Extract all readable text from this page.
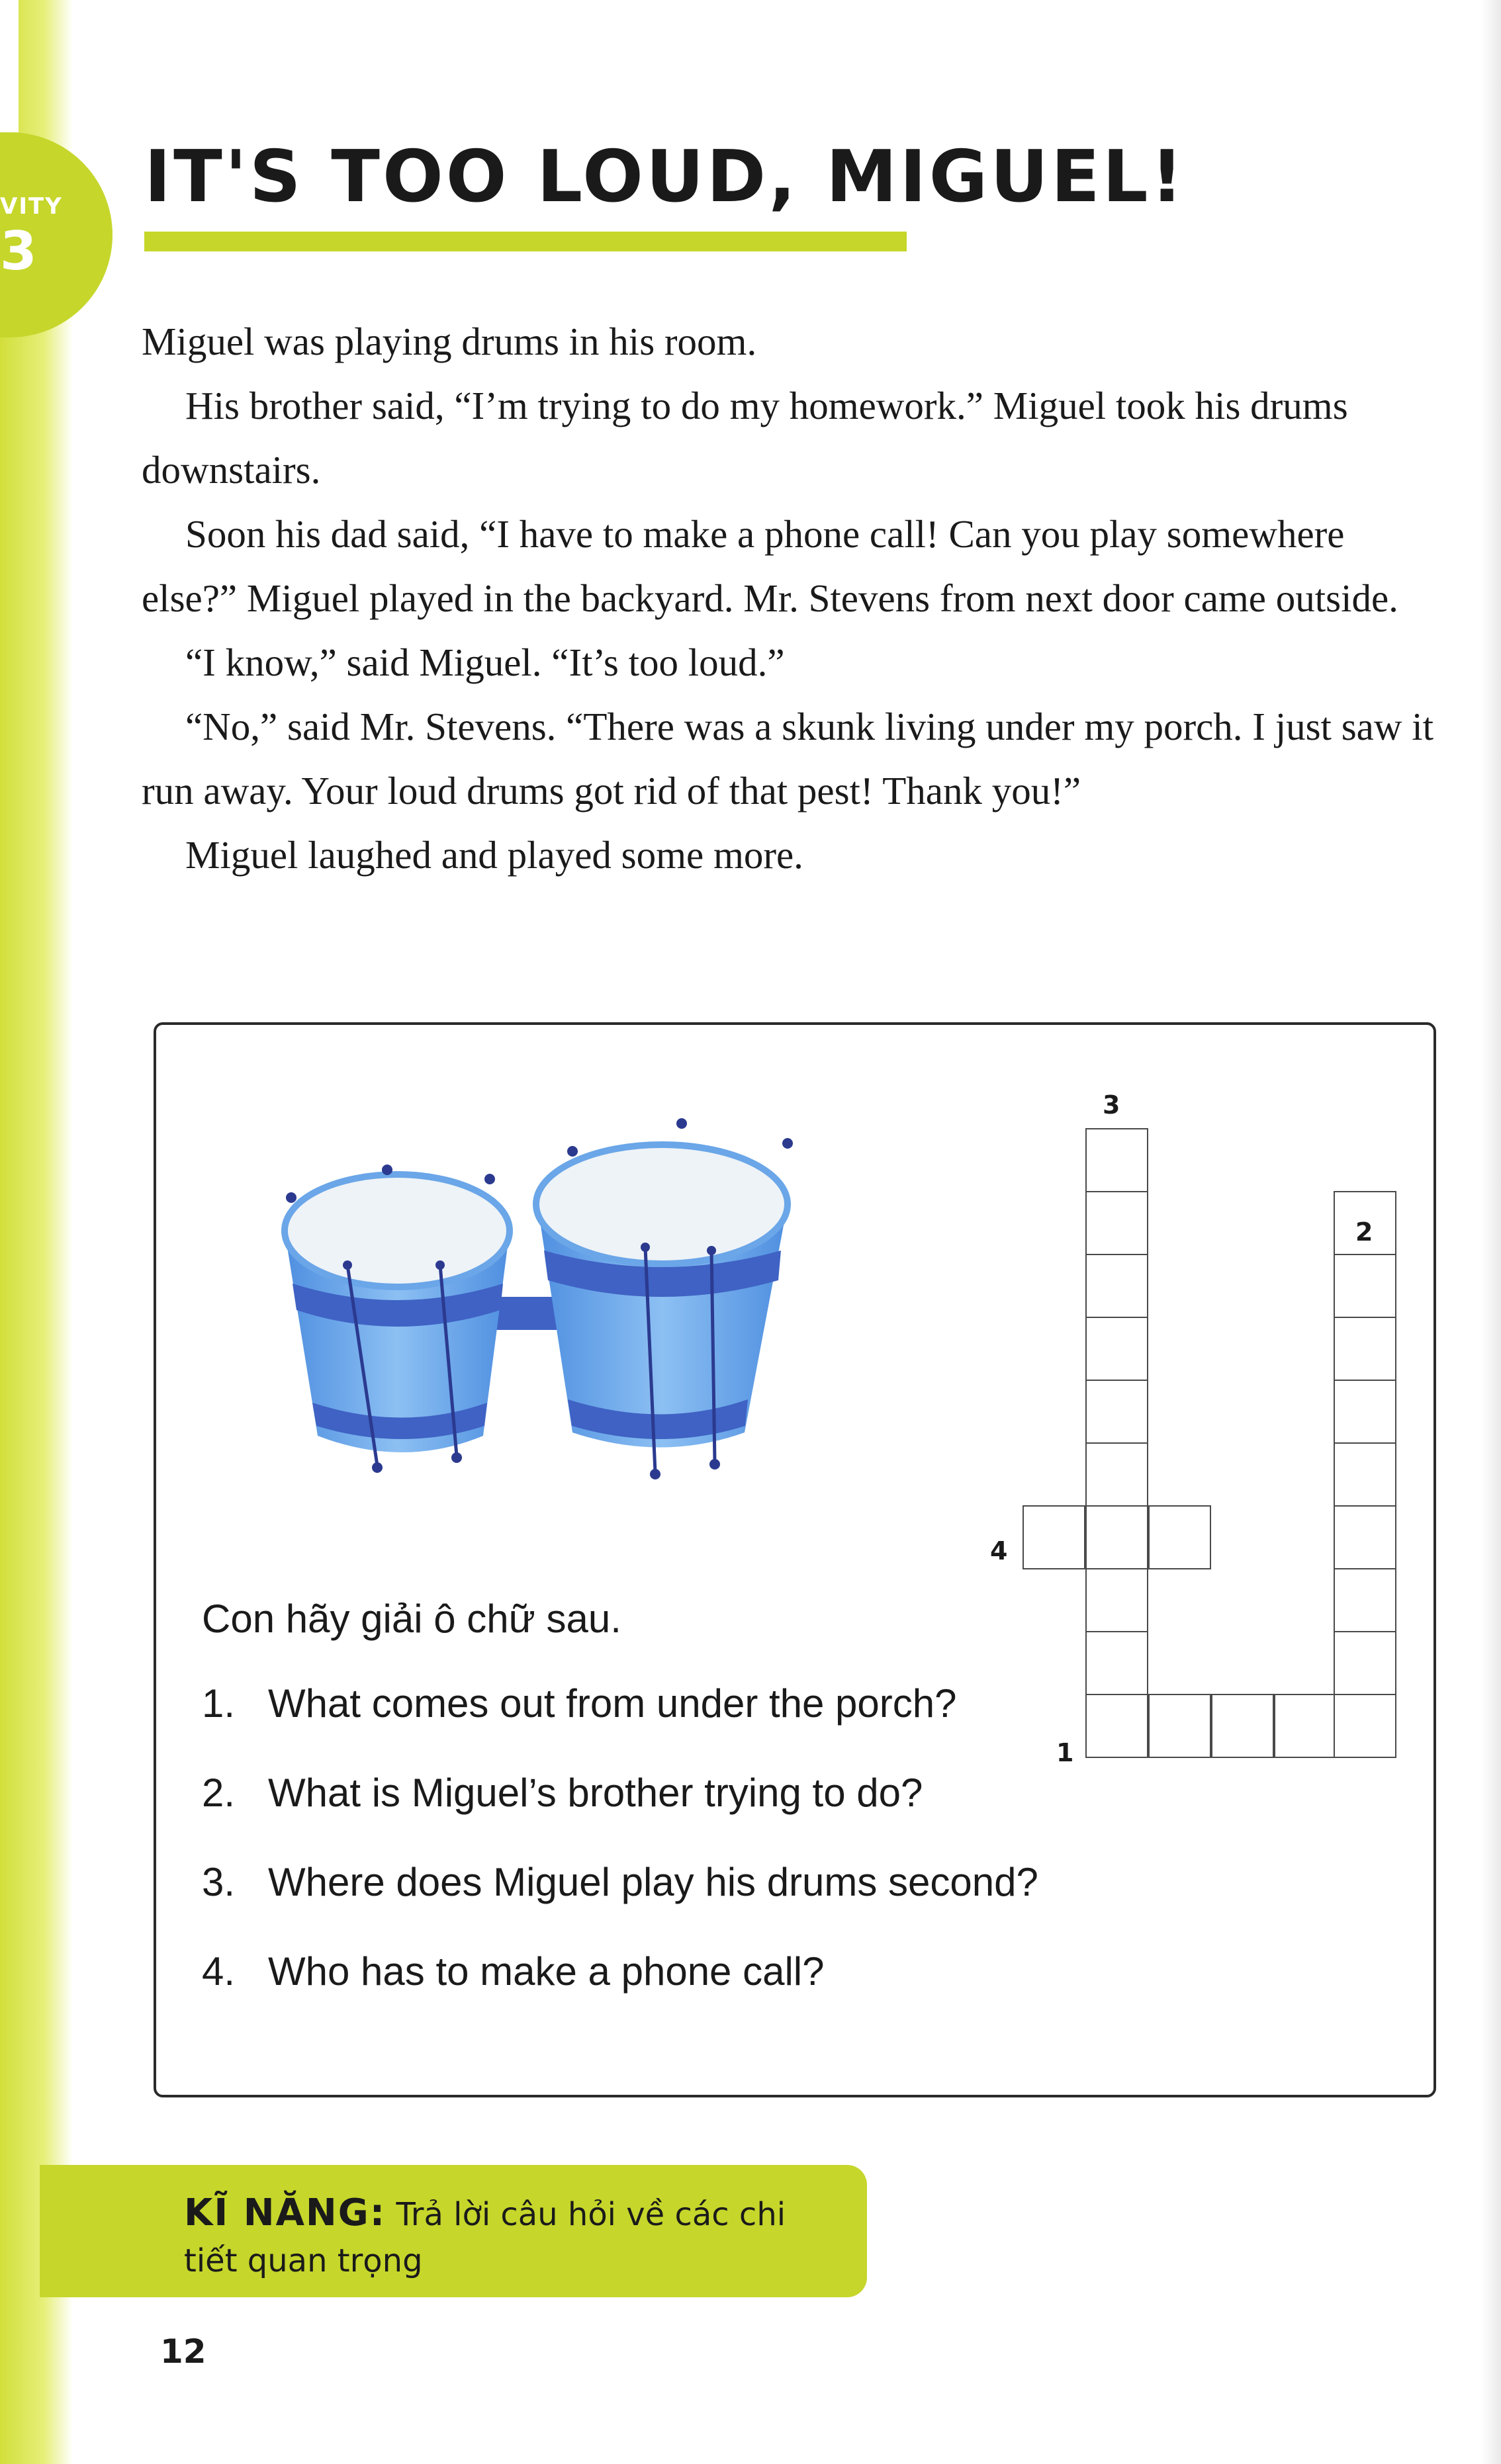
VITY
3
IT'S TOO LOUD, MIGUEL!

Miguel was playing drums in his room.

His brother said, “I’m trying to do my homework.” Miguel took his drums downstairs.

Soon his dad said, “I have to make a phone call! Can you play somewhere else?” Miguel played in the backyard. Mr. Stevens from next door came outside.

“I know,” said Miguel. “It’s too loud.”

“No,” said Mr. Stevens. “There was a skunk living under my porch. I just saw it run away. Your loud drums got rid of that pest! Thank you!”

Miguel laughed and played some more.

3
2
4
1
Con hãy giải ô chữ sau.
1. What comes out from under the porch?
2. What is Miguel’s brother trying to do?
3. Where does Miguel play his drums second?
4. Who has to make a phone call?
KĨ NĂNG: Trả lời câu hỏi về các chi tiết quan trọng
12
